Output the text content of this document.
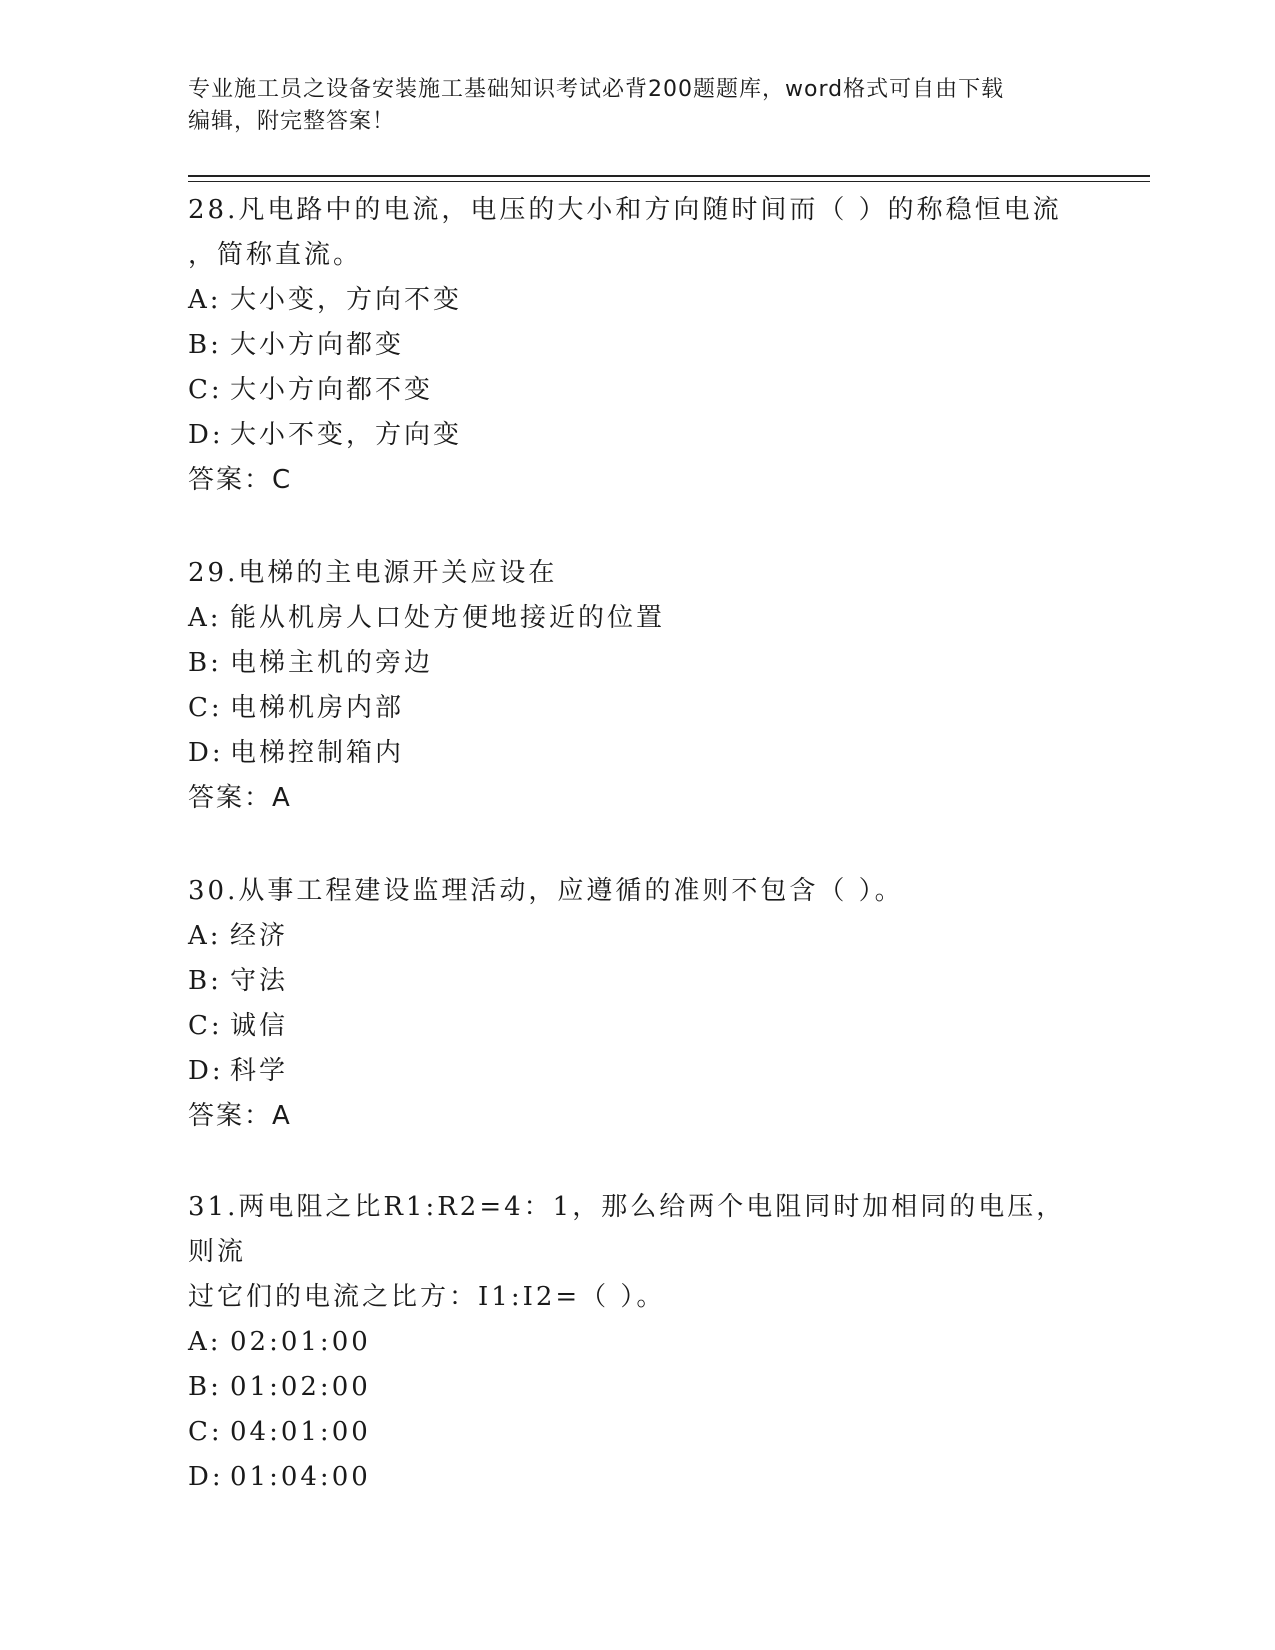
专业施工员之设备安装施工基础知识考试必背200题题库，word格式可自由下载
编辑，附完整答案！

28.凡电路中的电流，电压的大小和方向随时间而（ ）的称稳恒电流

，简称直流。

A: 大小变，方向不变

B: 大小方向都变

C: 大小方向都不变

D: 大小不变，方向变

答案：C

29.电梯的主电源开关应设在

A: 能从机房人口处方便地接近的位置

B: 电梯主机的旁边

C: 电梯机房内部

D: 电梯控制箱内

答案：A

30.从事工程建设监理活动，应遵循的准则不包含（ ）。

A: 经济

B: 守法

C: 诚信

D: 科学

答案：A

31.两电阻之比R1:R2=4：1，那么给两个电阻同时加相同的电压，则流

过它们的电流之比方：I1:I2=（ ）。

A: 02:01:00

B: 01:02:00

C: 04:01:00

D: 01:04:00
